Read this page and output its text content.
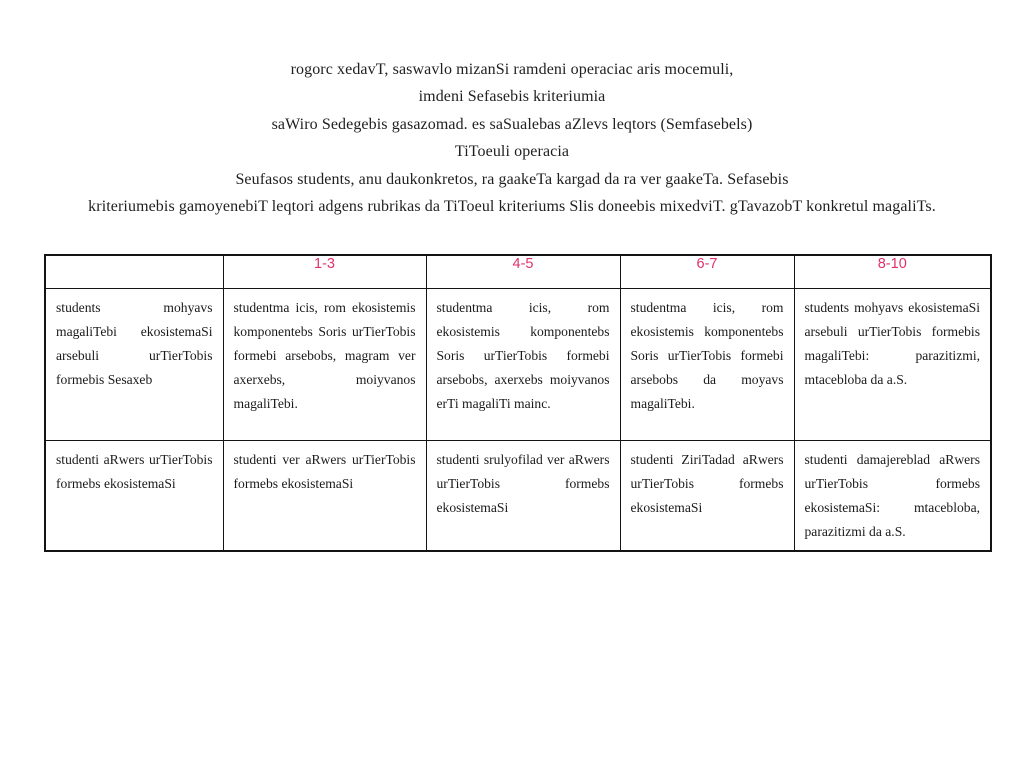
rogorc xedavT, saswavlo mizanSi ramdeni operaciac aris mocemuli,

imdeni Sefasebis kriteriumia

saWiro Sedegebis gasazomad. es saSualebas aZlevs leqtors (Semfasebels)

TiToeuli operacia

Seufasos students, anu daukonkretos, ra gaakeTa kargad da ra ver gaakeTa. Sefasebis

kriteriumebis gamoyenebiT leqtori adgens rubrikas da TiToeul kriteriums Slis doneebis mixedviT. gTavazobT konkretul magaliTs.

	1-3	4-5	6-7	8-10
students mohyavs magaliTebi ekosistemaSi arsebuli urTierTobis formebis Sesaxeb	studentma icis, rom ekosistemis komponentebs Soris urTierTobis formebi arsebobs, magram ver axerxebs, moiyvanos magaliTebi.	studentma icis, rom ekosistemis komponentebs Soris urTierTobis formebi arsebobs, axerxebs moiyvanos erTi magaliTi mainc.	studentma icis, rom ekosistemis komponentebs Soris urTierTobis formebi arsebobs da moyavs magaliTebi.	students mohyavs ekosistemaSi arsebuli urTierTobis formebis magaliTebi: parazitizmi, mtacebloba da a.S.
studenti aRwers urTierTobis formebs ekosistemaSi	studenti ver aRwers urTierTobis formebs ekosistemaSi	studenti srulyofilad ver aRwers urTierTobis formebs ekosistemaSi	studenti ZiriTadad aRwers urTierTobis formebs ekosistemaSi	studenti damajereblad aRwers urTierTobis formebs ekosistemaSi: mtacebloba, parazitizmi da a.S.
